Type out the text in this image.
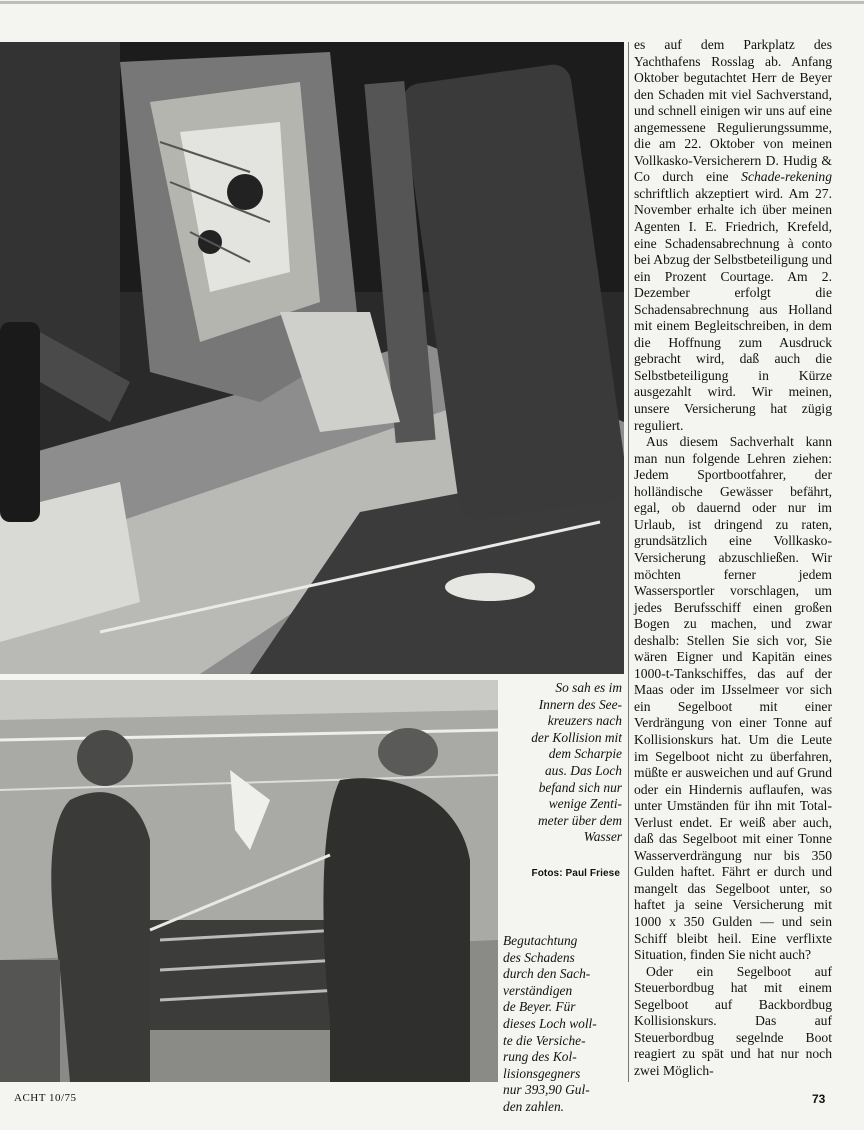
So sah es im

Innern des See-

kreuzers nach

der Kollision mit

dem Scharpie

aus. Das Loch

befand sich nur

wenige Zenti-

meter über dem

Wasser

Fotos: Paul Friese

Begutachtung

des Schadens

durch den Sach-

verständigen

de Beyer. Für

dieses Loch woll-

te die Versiche-

rung des Kol-

lisionsgegners

nur 393,90 Gul-

den zahlen.

es auf dem Parkplatz des Yachthafens Rosslag ab. Anfang Oktober begutachtet Herr de Beyer den Schaden mit viel Sachverstand, und schnell einigen wir uns auf eine angemessene Regulierungssumme, die am 22. Oktober von meinen Vollkasko-Versicherern D. Hudig & Co durch eine Schade-rekening schriftlich akzeptiert wird. Am 27. November erhalte ich über meinen Agenten I. E. Friedrich, Krefeld, eine Schadensabrechnung à conto bei Abzug der Selbstbeteiligung und ein Prozent Courtage. Am 2. Dezember erfolgt die Schadensabrechnung aus Holland mit einem Begleitschreiben, in dem die Hoffnung zum Ausdruck gebracht wird, daß auch die Selbstbeteiligung in Kürze ausgezahlt wird. Wir meinen, unsere Versicherung hat zügig reguliert.

Aus diesem Sachverhalt kann man nun folgende Lehren ziehen: Jedem Sportbootfahrer, der holländische Gewässer befährt, egal, ob dauernd oder nur im Urlaub, ist dringend zu raten, grundsätzlich eine Vollkasko-Versicherung abzuschließen. Wir möchten ferner jedem Wassersportler vorschlagen, um jedes Berufsschiff einen großen Bogen zu machen, und zwar deshalb: Stellen Sie sich vor, Sie wären Eigner und Kapitän eines 1000-t-Tankschiffes, das auf der Maas oder im IJsselmeer vor sich ein Segelboot mit einer Verdrängung von einer Tonne auf Kollisionskurs hat. Um die Leute im Segelboot nicht zu überfahren, müßte er ausweichen und auf Grund oder ein Hindernis auflaufen, was unter Umständen für ihn mit Total-Verlust endet. Er weiß aber auch, daß das Segelboot mit einer Tonne Wasserverdrängung nur bis 350 Gulden haftet. Fährt er durch und mangelt das Segelboot unter, so haftet ja seine Versicherung mit 1000 x 350 Gulden — und sein Schiff bleibt heil. Eine verflixte Situation, finden Sie nicht auch?

Oder ein Segelboot auf Steuerbordbug hat mit einem Segelboot auf Backbordbug Kollisionskurs. Das auf Steuerbordbug segelnde Boot reagiert zu spät und hat nur noch zwei Möglich-

ACHT 10/75	73
